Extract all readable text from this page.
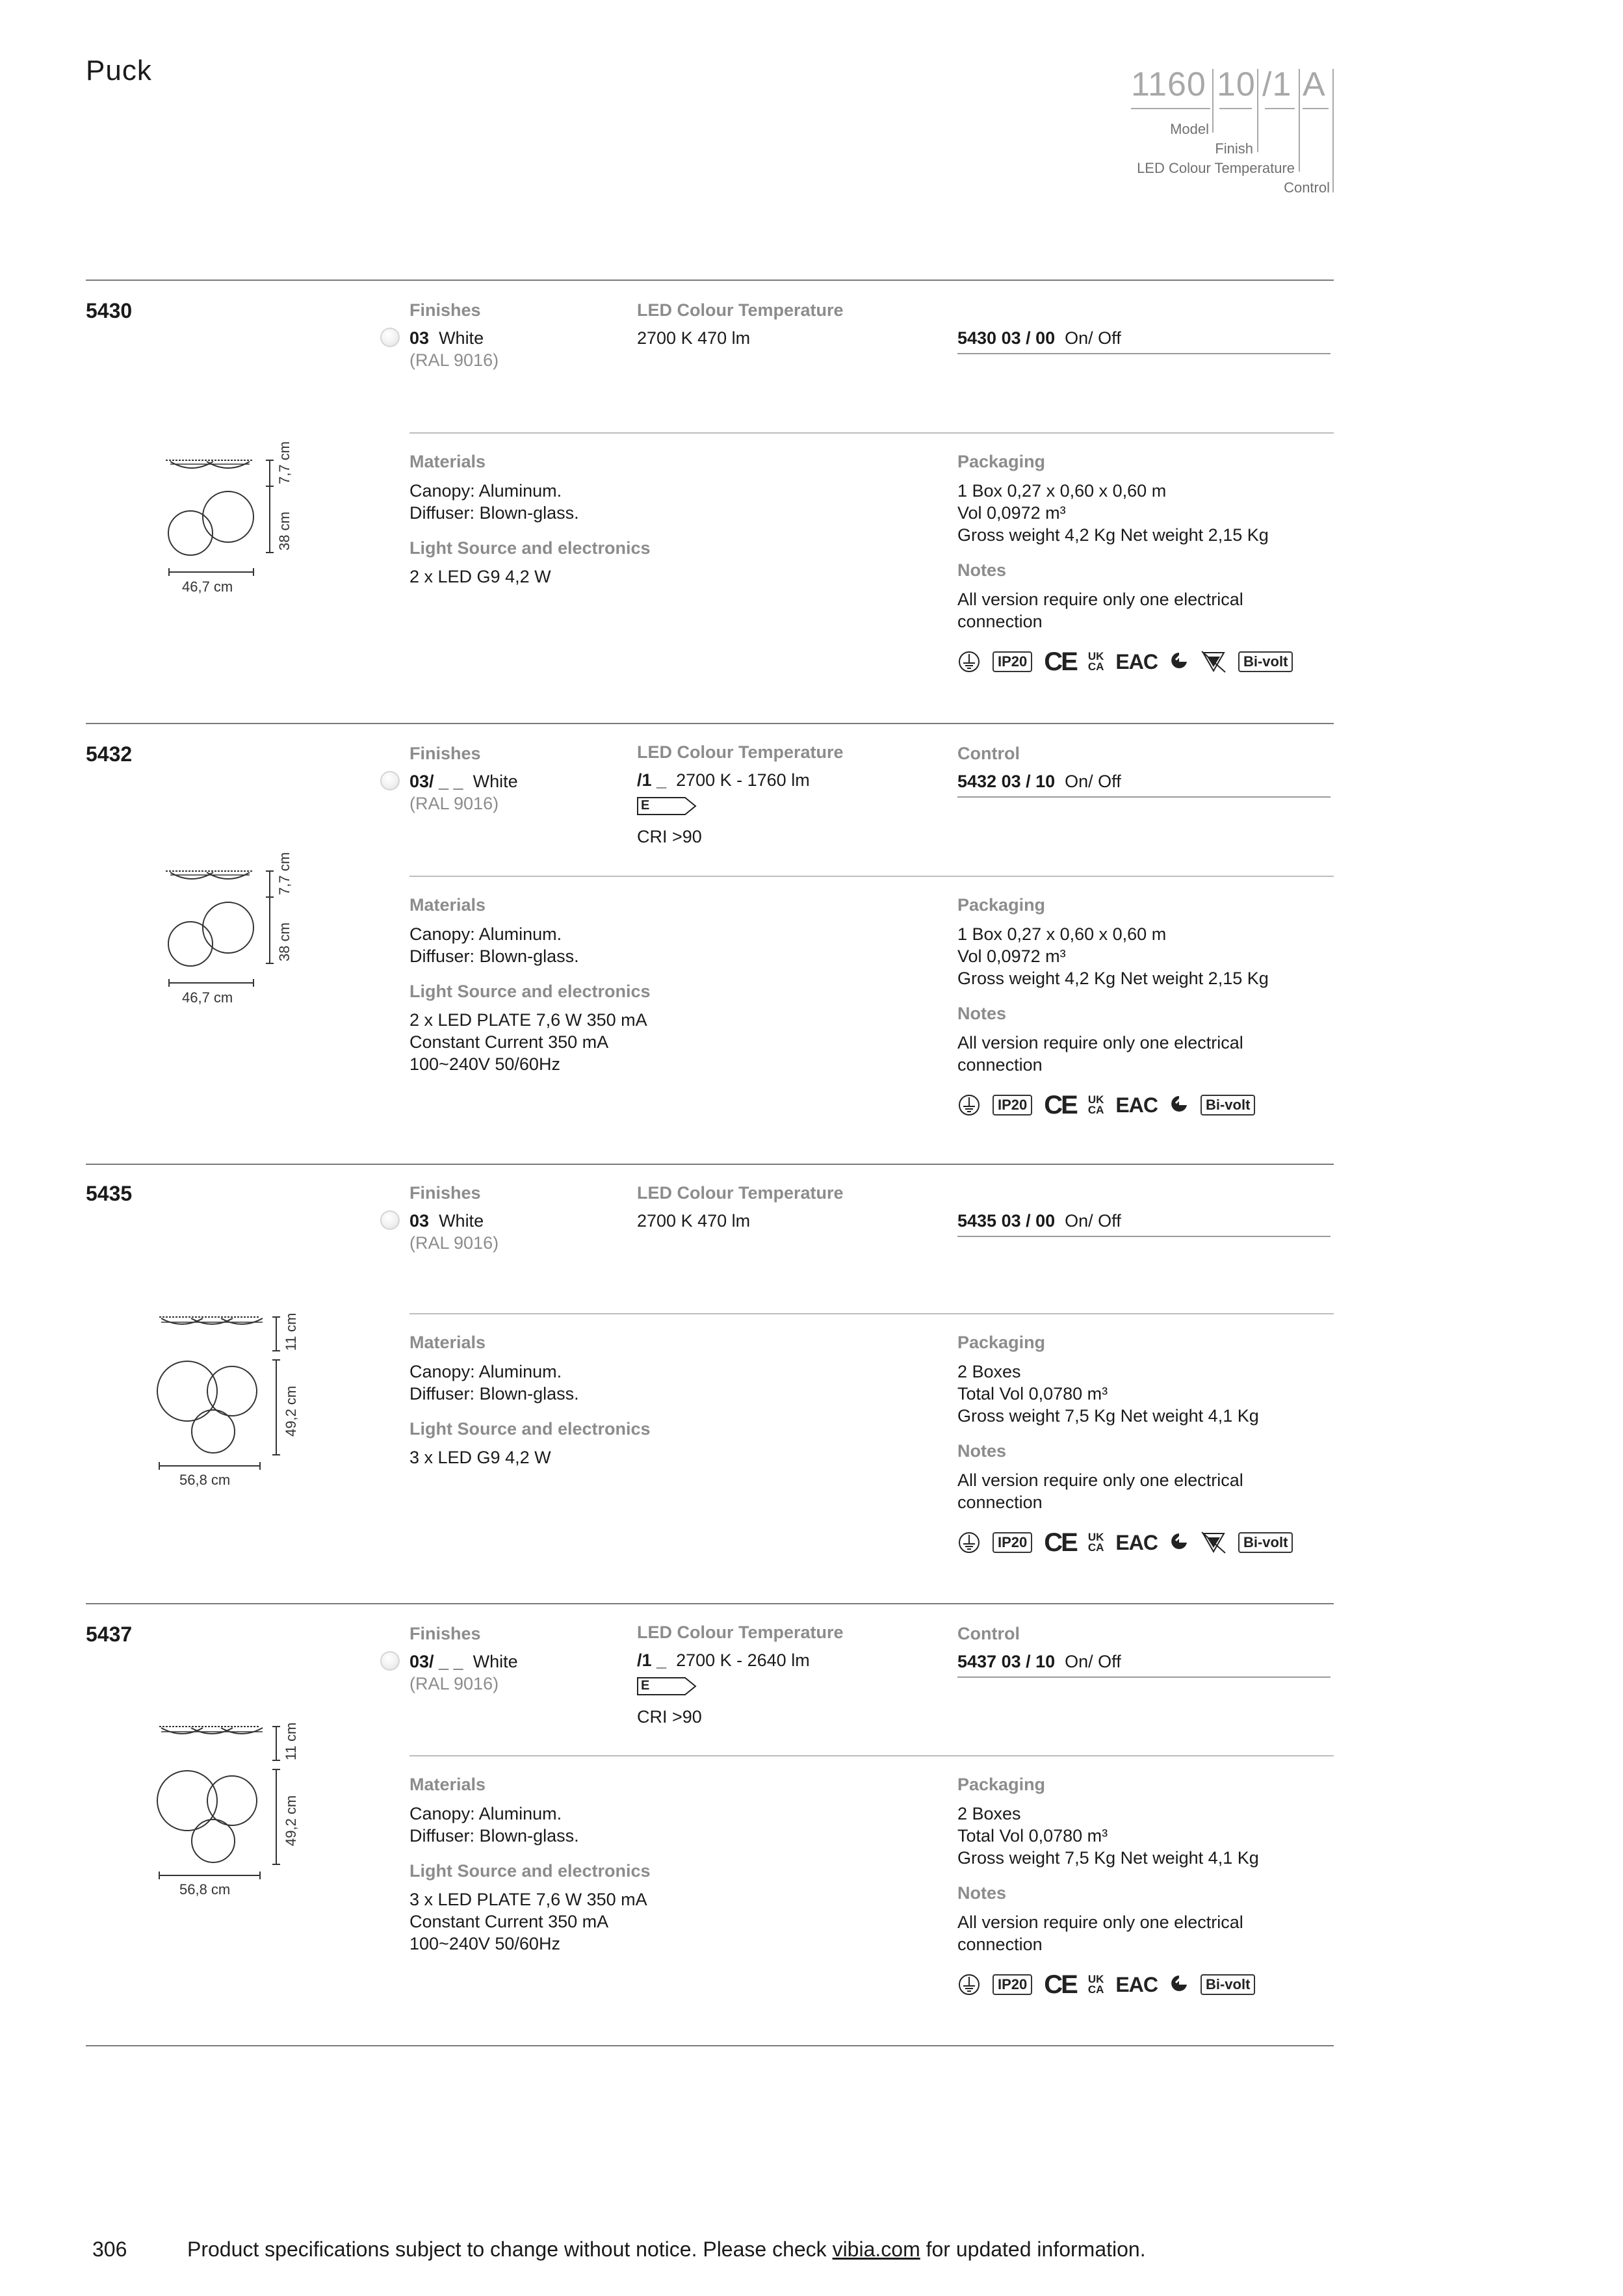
Puck	1160 10 /1 A
Model
Finish
LED Colour Temperature
Control
5430	Finishes
03 White
(RAL 9016)
LED Colour Temperature
2700 K 470 lm	5430 03 / 00 On/ Off
Materials
Canopy: Aluminum.
Diffuser: Blown-glass.
Light Source and electronics
2 x LED G9 4,2 W
Packaging
1 Box 0,27 x 0,60 x 0,60 m
Vol 0,0972 m³
Gross weight 4,2 Kg Net weight 2,15 Kg
Notes
All version require only one electrical
connection
IP20 CE UK
CA EAC	Bi-volt
7,7 cm
38 cm
46,7 cm
5432	Finishes
03/ _ _ White
(RAL 9016)
LED Colour Temperature
/1 _ 2700 K - 1760 lm
E
CRI >90
Control
5432 03 / 10 On/ Off
Materials
Canopy: Aluminum.
Diffuser: Blown-glass.
Light Source and electronics
2 x LED PLATE 7,6 W 350 mA
Constant Current 350 mA
100~240V 50/60Hz
Packaging
1 Box 0,27 x 0,60 x 0,60 m
Vol 0,0972 m³
Gross weight 4,2 Kg Net weight 2,15 Kg
Notes
All version require only one electrical
connection
IP20 CE UK
CA EAC	Bi-volt
7,7 cm
38 cm
46,7 cm
5435	Finishes
03 White
(RAL 9016)
LED Colour Temperature
2700 K 470 lm	5435 03 / 00 On/ Off
Materials
Canopy: Aluminum.
Diffuser: Blown-glass.
Light Source and electronics
3 x LED G9 4,2 W
Packaging
2 Boxes
Total Vol 0,0780 m³
Gross weight 7,5 Kg Net weight 4,1 Kg
Notes
All version require only one electrical
connection
IP20 CE UK
CA EAC	Bi-volt
11 cm
49,2 cm
56,8 cm
5437	Finishes
03/ _ _ White
(RAL 9016)
LED Colour Temperature
/1 _ 2700 K - 2640 lm
E
CRI >90
Control
5437 03 / 10 On/ Off
Materials
Canopy: Aluminum.
Diffuser: Blown-glass.
Light Source and electronics
3 x LED PLATE 7,6 W 350 mA
Constant Current 350 mA
100~240V 50/60Hz
Packaging
2 Boxes
Total Vol 0,0780 m³
Gross weight 7,5 Kg Net weight 4,1 Kg
Notes
All version require only one electrical
connection
IP20 CE UK
CA EAC	Bi-volt
11 cm
49,2 cm
56,8 cm
306	Product specifications subject to change without notice. Please check vibia.com for updated information.
